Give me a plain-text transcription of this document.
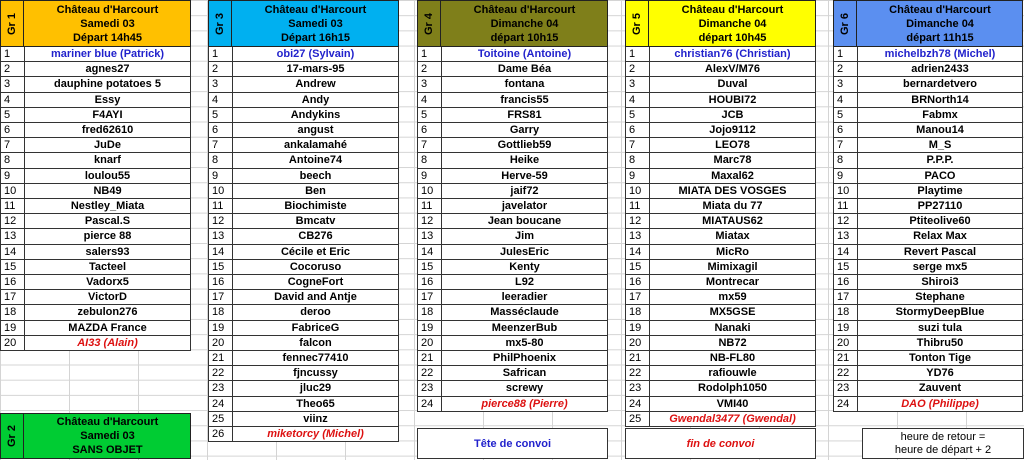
Gr 1
Château d'Harcourt
Samedi 03
Départ 14h45
1	mariner blue (Patrick)
2	agnes27
3	dauphine potatoes 5
4	Essy
5	F4AYI
6	fred62610
7	JuDe
8	knarf
9	loulou55
10	NB49
11	Nestley_Miata
12	Pascal.S
13	pierce 88
14	salers93
15	Tacteel
16	Vadorx5
17	VictorD
18	zebulon276
19	MAZDA France
20	AI33 (Alain)
Gr 3
Château d'Harcourt
Samedi 03
Départ 16h15
1	obi27 (Sylvain)
2	17-mars-95
3	Andrew
4	Andy
5	Andykins
6	angust
7	ankalamahé
8	Antoine74
9	beech
10	Ben
11	Biochimiste
12	Bmcatv
13	CB276
14	Cécile et Eric
15	Cocoruso
16	CogneFort
17	David and Antje
18	deroo
19	FabriceG
20	falcon
21	fennec77410
22	fjncussy
23	jluc29
24	Theo65
25	viinz
26	miketorcy (Michel)
Gr 4
Château d'Harcourt
Dimanche 04
départ 10h15
1	Toitoine (Antoine)
2	Dame Béa
3	fontana
4	francis55
5	FRS81
6	Garry
7	Gottlieb59
8	Heike
9	Herve-59
10	jaif72
11	javelator
12	Jean boucane
13	Jim
14	JulesEric
15	Kenty
16	L92
17	leeradier
18	Masséclaude
19	MeenzerBub
20	mx5-80
21	PhilPhoenix
22	Safrican
23	screwy
24	pierce88 (Pierre)
Gr 5
Château d'Harcourt
Dimanche 04
départ 10h45
1	christian76 (Christian)
2	AlexV/M76
3	Duval
4	HOUBI72
5	JCB
6	Jojo9112
7	LEO78
8	Marc78
9	Maxal62
10	MIATA DES VOSGES
11	Miata du 77
12	MIATAUS62
13	Miatax
14	MicRo
15	Mimixagil
16	Montrecar
17	mx59
18	MX5GSE
19	Nanaki
20	NB72
21	NB-FL80
22	rafiouwle
23	Rodolph1050
24	VMI40
25	Gwendal3477 (Gwendal)
Gr 6
Château d'Harcourt
Dimanche 04
départ 11h15
1	michelbzh78 (Michel)
2	adrien2433
3	bernardetvero
4	BRNorth14
5	Fabmx
6	Manou14
7	M_S
8	P.P.P.
9	PACO
10	Playtime
11	PP27110
12	Ptiteolive60
13	Relax Max
14	Revert Pascal
15	serge mx5
16	Shiroi3
17	Stephane
18	StormyDeepBlue
19	suzi tula
20	Thibru50
21	Tonton Tige
22	YD76
23	Zauvent
24	DAO (Philippe)
Gr 2
Château d'Harcourt
Samedi 03
SANS OBJET
Tête de convoi	fin de convoi
heure de retour =
heure de départ + 2
